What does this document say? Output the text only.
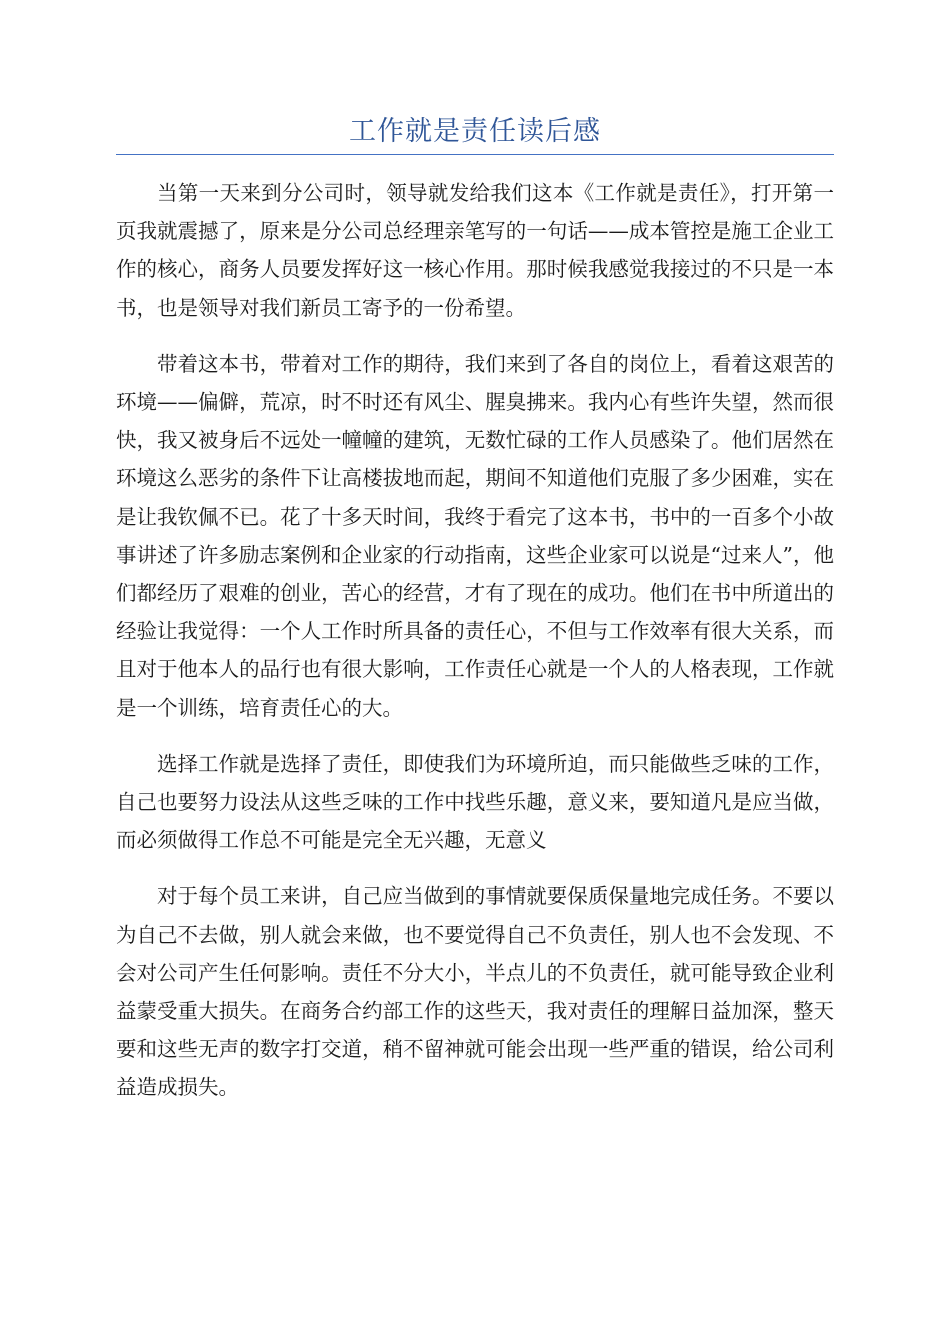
工作就是责任读后感

当第一天来到分公司时，领导就发给我们这本《工作就是责任》，打开第一页我就震撼了，原来是分公司总经理亲笔写的一句话——成本管控是施工企业工作的核心，商务人员要发挥好这一核心作用。那时候我感觉我接过的不只是一本书，也是领导对我们新员工寄予的一份希望。

带着这本书，带着对工作的期待，我们来到了各自的岗位上，看着这艰苦的环境——偏僻，荒凉，时不时还有风尘、腥臭拂来。我内心有些许失望，然而很快，我又被身后不远处一幢幢的建筑，无数忙碌的工作人员感染了。他们居然在环境这么恶劣的条件下让高楼拔地而起，期间不知道他们克服了多少困难，实在是让我钦佩不已。花了十多天时间，我终于看完了这本书，书中的一百多个小故事讲述了许多励志案例和企业家的行动指南，这些企业家可以说是“过来人”，他们都经历了艰难的创业，苦心的经营，才有了现在的成功。他们在书中所道出的经验让我觉得：一个人工作时所具备的责任心，不但与工作效率有很大关系，而且对于他本人的品行也有很大影响，工作责任心就是一个人的人格表现，工作就是一个训练，培育责任心的大。

选择工作就是选择了责任，即使我们为环境所迫，而只能做些乏味的工作，自己也要努力设法从这些乏味的工作中找些乐趣，意义来，要知道凡是应当做，而必须做得工作总不可能是完全无兴趣，无意义

对于每个员工来讲，自己应当做到的事情就要保质保量地完成任务。不要以为自己不去做，别人就会来做，也不要觉得自己不负责任，别人也不会发现、不会对公司产生任何影响。责任不分大小，半点儿的不负责任，就可能导致企业利益蒙受重大损失。在商务合约部工作的这些天，我对责任的理解日益加深，整天要和这些无声的数字打交道，稍不留神就可能会出现一些严重的错误，给公司利益造成损失。
